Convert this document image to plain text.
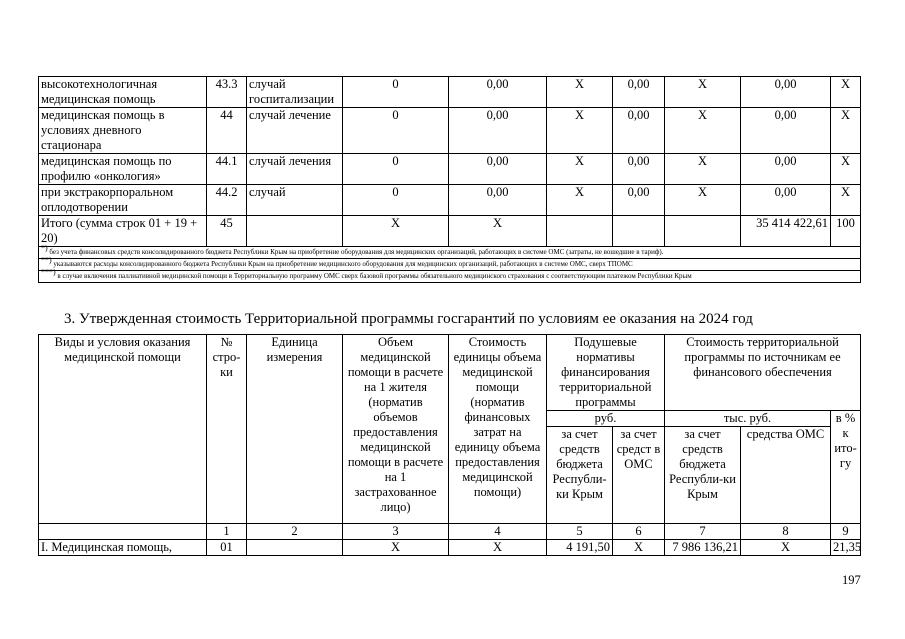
высокотехнологичная медицинская помощь	43.3	случай госпитализации	0	0,00	X	0,00	X	0,00	X
медицинская помощь в условиях дневного стационара	44	случай лечение	0	0,00	X	0,00	X	0,00	X
медицинская помощь по профилю «онкология»	44.1	случай лечения	0	0,00	X	0,00	X	0,00	X
при экстракорпоральном оплодотворении	44.2	случай	0	0,00	X	0,00	X	0,00	X
Итого (сумма строк 01 + 19 + 20)	45		X	X				35 414 422,61	100
*) без учета финансовых средств консолидированного бюджета Республики Крым на приобретение оборудования для медицинских организаций, работающих в системе ОМС (затраты, не вошедшие в тариф).									
**) указываются расходы консолидированного бюджета Республики Крым на приобретение медицинского оборудования для медицинских организаций, работающих в системе ОМС, сверх ТПОМС									
***) в случае включения паллиативной медицинской помощи в Территориальную программу ОМС сверх базовой программы обязательного медицинского страхования с соответствующим платежом Республики Крым									
3. Утвержденная стоимость Территориальной программы госгарантий по условиям ее оказания на 2024 год
Виды и условия оказания медицинской помощи	№ стро-ки	Единица измерения	Объем медицинской помощи в расчете на 1 жителя (норматив объемов предоставления медицинской помощи в расчете на 1 застрахованное лицо)	Стоимость единицы объема медицинской помощи (норматив финансовых затрат на единицу объема предоставления медицинской помощи)	Подушевые нормативы финансирования территориальной программы		Стоимость территориальной программы по источникам ее финансового обеспечения		
					руб.		тыс. руб.		в % к ито-гу
					за счет средств бюджета Республи-ки Крым	за счет средст в ОМС	за счет средств бюджета Республи-ки Крым	средства ОМС	
	1	2	3	4	5	6	7	8	9
I. Медицинская помощь,	01		X	X	4 191,50	X	7 986 136,21	X	21,35
197
